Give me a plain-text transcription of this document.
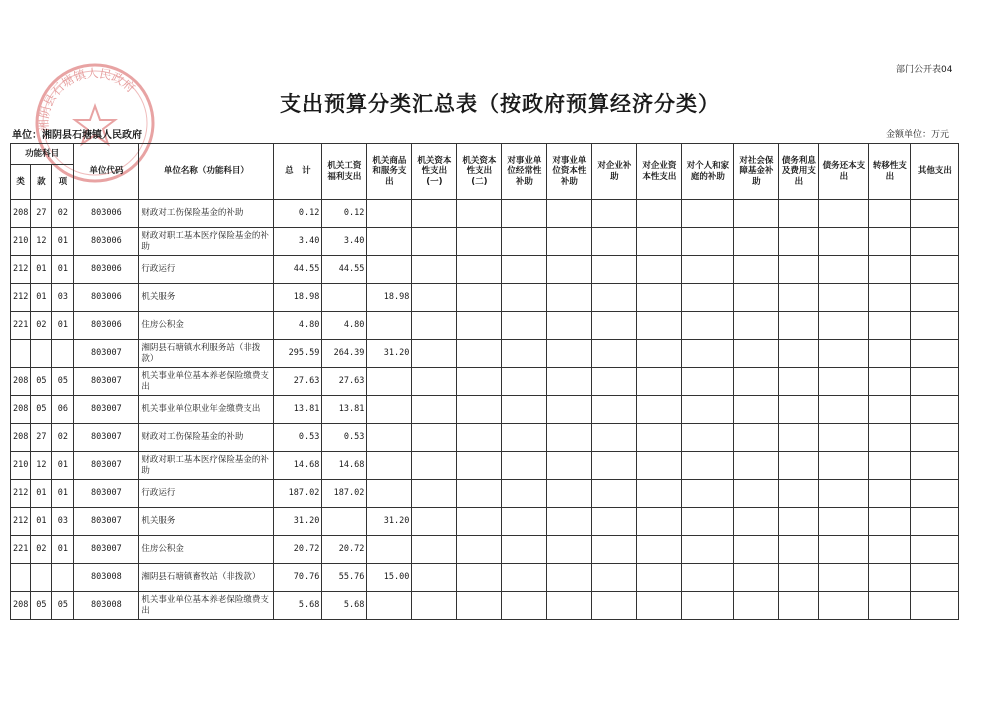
部门公开表04
湘阴县石塘镇人民政府
支出预算分类汇总表（按政府预算经济分类）
单位：湘阴县石塘镇人民政府	金额单位：万元
功能科目			单位代码	单位名称（功能科目）	总　计	机关工资福利支出	机关商品和服务支出	机关资本性支出(一)	机关资本性支出(二)	对事业单位经常性补助	对事业单位资本性补助	对企业补助	对企业资本性支出	对个人和家庭的补助	对社会保障基金补助	债务利息及费用支出	债务还本支出	转移性支出	其他支出
类	款	项																	
208	27	02	803006	财政对工伤保险基金的补助	0.12	0.12													
210	12	01	803006	财政对职工基本医疗保险基金的补助	3.40	3.40													
212	01	01	803006	行政运行	44.55	44.55													
212	01	03	803006	机关服务	18.98		18.98												
221	02	01	803006	住房公积金	4.80	4.80													
			803007	湘阴县石塘镇水利服务站（非拨款）	295.59	264.39	31.20												
208	05	05	803007	机关事业单位基本养老保险缴费支出	27.63	27.63													
208	05	06	803007	机关事业单位职业年金缴费支出	13.81	13.81													
208	27	02	803007	财政对工伤保险基金的补助	0.53	0.53													
210	12	01	803007	财政对职工基本医疗保险基金的补助	14.68	14.68													
212	01	01	803007	行政运行	187.02	187.02													
212	01	03	803007	机关服务	31.20		31.20												
221	02	01	803007	住房公积金	20.72	20.72													
			803008	湘阴县石塘镇畜牧站（非拨款）	70.76	55.76	15.00												
208	05	05	803008	机关事业单位基本养老保险缴费支出	5.68	5.68													
